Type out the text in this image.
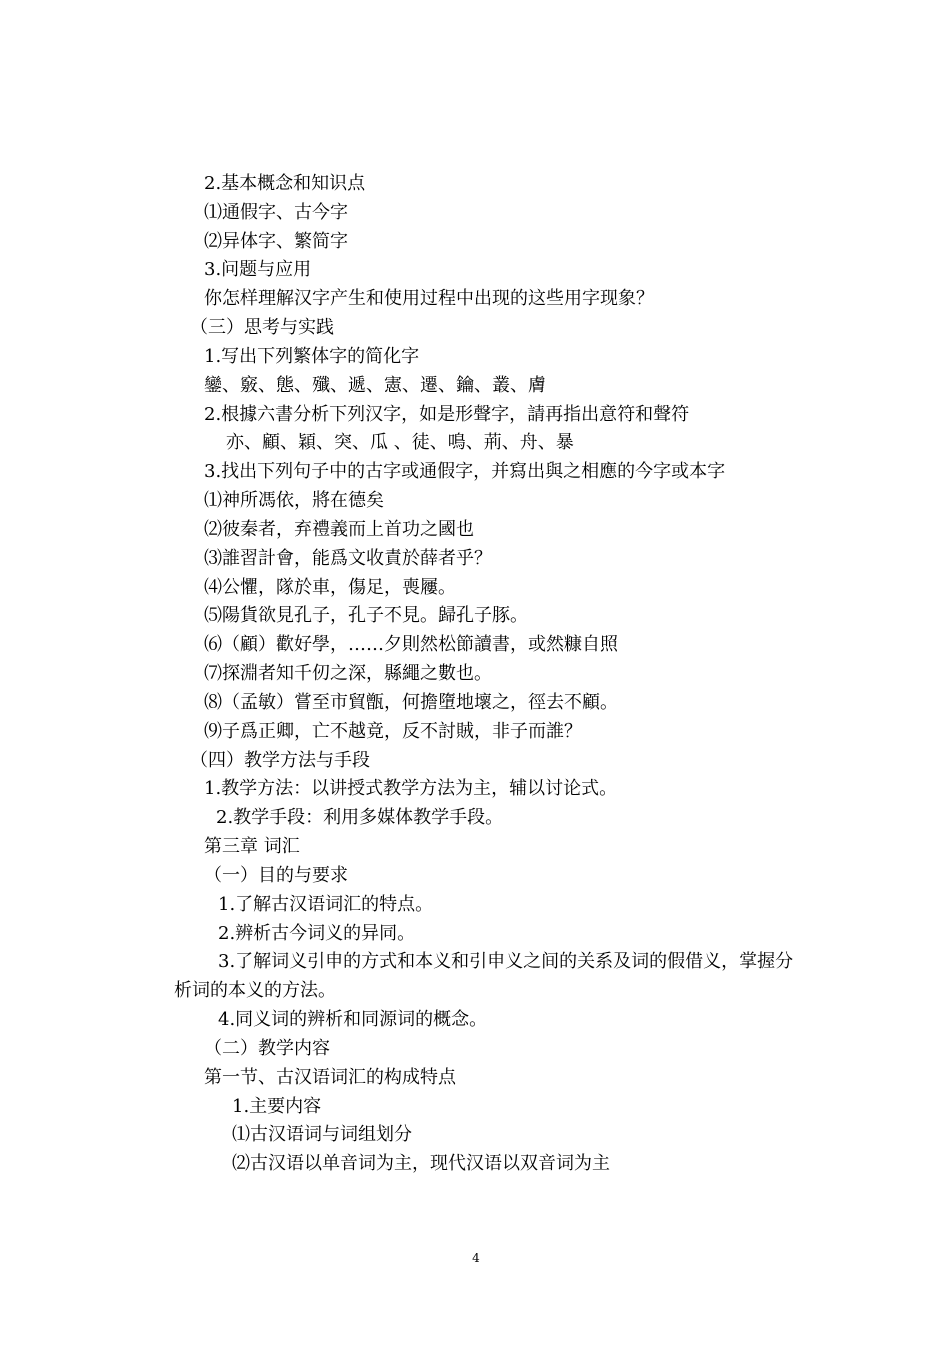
2.基本概念和知识点
⑴通假字、古今字
⑵异体字、繁简字
3.问题与应用
你怎样理解汉字产生和使用过程中出现的这些用字现象？
（三）思考与实践
1.写出下列繁体字的简化字
鑾、竅、態、殲、遞、憲、遷、鑰、叢、膚
2.根據六書分析下列汉字，如是形聲字，請再指出意符和聲符
亦、顧、穎、突、瓜 、徒、鳴、荊、舟、暴
3.找出下列句子中的古字或通假字，并寫出與之相應的今字或本字
⑴神所馮依，將在德矣
⑵彼秦者，弃禮義而上首功之國也
⑶誰習計會，能爲文收責於薛者乎？
⑷公懼，隊於車，傷足，喪屨。
⑸陽貨欲見孔子，孔子不見。歸孔子豚。
⑹（顧）歡好學，……夕則然松節讀書，或然糠自照
⑺探淵者知千仞之深，縣繩之數也。
⑻（孟敏）嘗至市貿甑，何擔墮地壞之，徑去不顧。
⑼子爲正卿，亡不越竟，反不討賊，非子而誰？
（四）教学方法与手段
1.教学方法：以讲授式教学方法为主，辅以讨论式。
2.教学手段：利用多媒体教学手段。
第三章 词汇
（一）目的与要求
1.了解古汉语词汇的特点。
2.辨析古今词义的异同。
3.了解词义引申的方式和本义和引申义之间的关系及词的假借义，掌握分
析词的本义的方法。
4.同义词的辨析和同源词的概念。
（二）教学内容
第一节、古汉语词汇的构成特点
1.主要内容
⑴古汉语词与词组划分
⑵古汉语以单音词为主，现代汉语以双音词为主
4
